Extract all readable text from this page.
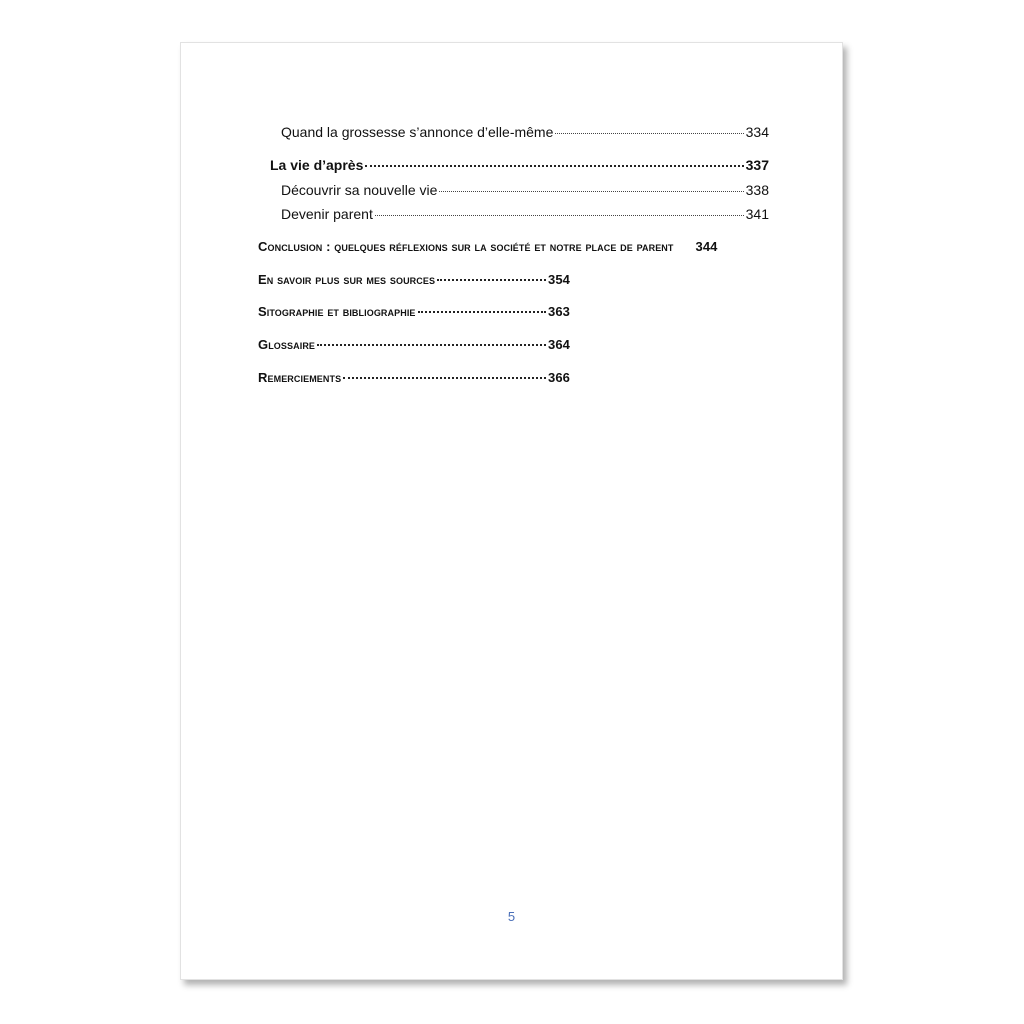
Quand la grossesse s’annonce d’elle-même	334
La vie d’après	337
Découvrir sa nouvelle vie	338
Devenir parent	341
Conclusion : quelques réflexions sur la société et notre place de parent 344
En savoir plus sur mes sources	354
Sitographie et bibliographie	363
Glossaire	364
Remerciements	366
5
